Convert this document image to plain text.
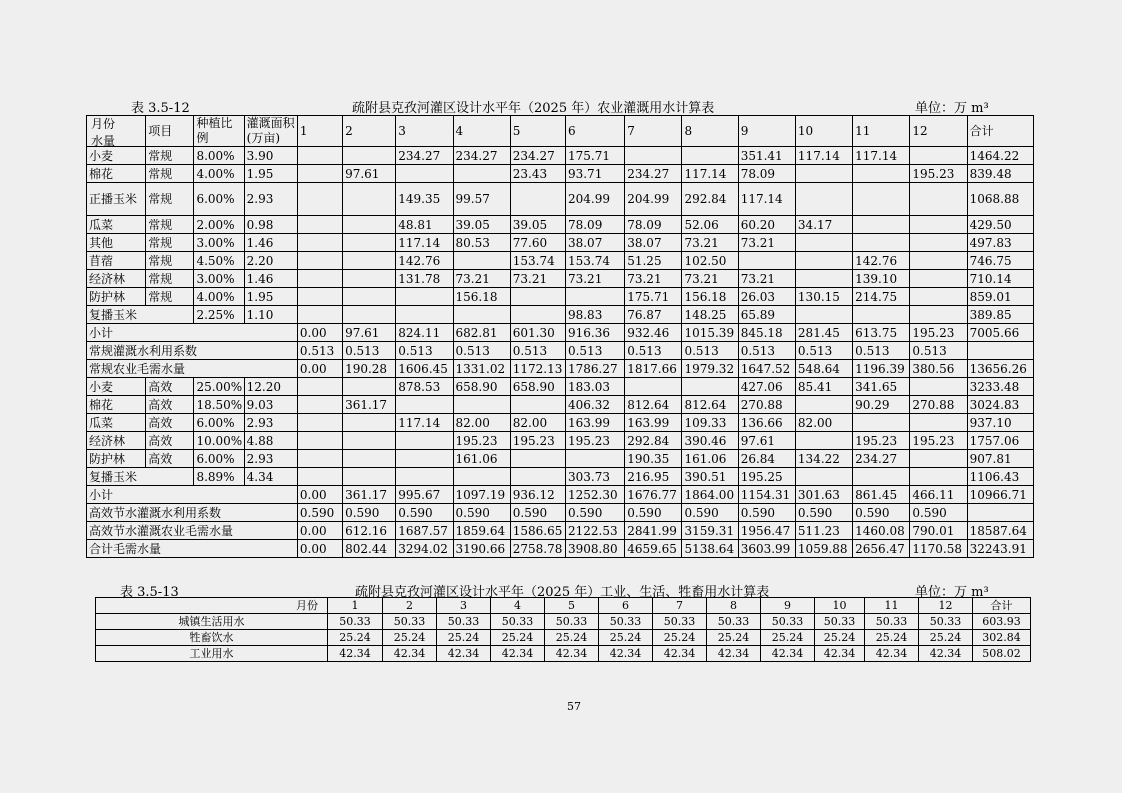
表 3.5-12	疏附县克孜河灌区设计水平年（2025 年）农业灌溉用水计算表	单位：万 m³
月份
水量	项目	种植比例	灌溉面积(万亩)	1	2	3	4	5	6	7	8	9	10	11	12	合计
小麦	常规	8.00%	3.90			234.27	234.27	234.27	175.71			351.41	117.14	117.14		1464.22
棉花	常规	4.00%	1.95		97.61			23.43	93.71	234.27	117.14	78.09			195.23	839.48
正播玉米	常规	6.00%	2.93			149.35	99.57		204.99	204.99	292.84	117.14				1068.88
瓜菜	常规	2.00%	0.98			48.81	39.05	39.05	78.09	78.09	52.06	60.20	34.17			429.50
其他	常规	3.00%	1.46			117.14	80.53	77.60	38.07	38.07	73.21	73.21				497.83
苜蓿	常规	4.50%	2.20			142.76		153.74	153.74	51.25	102.50			142.76		746.75
经济林	常规	3.00%	1.46			131.78	73.21	73.21	73.21	73.21	73.21	73.21		139.10		710.14
防护林	常规	4.00%	1.95				156.18			175.71	156.18	26.03	130.15	214.75		859.01
复播玉米		2.25%	1.10						98.83	76.87	148.25	65.89				389.85
小计				0.00	97.61	824.11	682.81	601.30	916.36	932.46	1015.39	845.18	281.45	613.75	195.23	7005.66
常规灌溉水利用系数				0.513	0.513	0.513	0.513	0.513	0.513	0.513	0.513	0.513	0.513	0.513	0.513	
常规农业毛需水量				0.00	190.28	1606.45	1331.02	1172.13	1786.27	1817.66	1979.32	1647.52	548.64	1196.39	380.56	13656.26
小麦	高效	25.00%	12.20			878.53	658.90	658.90	183.03			427.06	85.41	341.65		3233.48
棉花	高效	18.50%	9.03		361.17				406.32	812.64	812.64	270.88		90.29	270.88	3024.83
瓜菜	高效	6.00%	2.93			117.14	82.00	82.00	163.99	163.99	109.33	136.66	82.00			937.10
经济林	高效	10.00%	4.88				195.23	195.23	195.23	292.84	390.46	97.61		195.23	195.23	1757.06
防护林	高效	6.00%	2.93				161.06			190.35	161.06	26.84	134.22	234.27		907.81
复播玉米		8.89%	4.34						303.73	216.95	390.51	195.25				1106.43
小计				0.00	361.17	995.67	1097.19	936.12	1252.30	1676.77	1864.00	1154.31	301.63	861.45	466.11	10966.71
高效节水灌溉水利用系数				0.590	0.590	0.590	0.590	0.590	0.590	0.590	0.590	0.590	0.590	0.590	0.590	
高效节水灌溉农业毛需水量				0.00	612.16	1687.57	1859.64	1586.65	2122.53	2841.99	3159.31	1956.47	511.23	1460.08	790.01	18587.64
合计毛需水量				0.00	802.44	3294.02	3190.66	2758.78	3908.80	4659.65	5138.64	3603.99	1059.88	2656.47	1170.58	32243.91
表 3.5-13	疏附县克孜河灌区设计水平年（2025 年）工业、生活、牲畜用水计算表	单位：万 m³
月份	1	2	3	4	5	6	7	8	9	10	11	12	合计
城镇生活用水	50.33	50.33	50.33	50.33	50.33	50.33	50.33	50.33	50.33	50.33	50.33	50.33	603.93
牲畜饮水	25.24	25.24	25.24	25.24	25.24	25.24	25.24	25.24	25.24	25.24	25.24	25.24	302.84
工业用水	42.34	42.34	42.34	42.34	42.34	42.34	42.34	42.34	42.34	42.34	42.34	42.34	508.02
57
